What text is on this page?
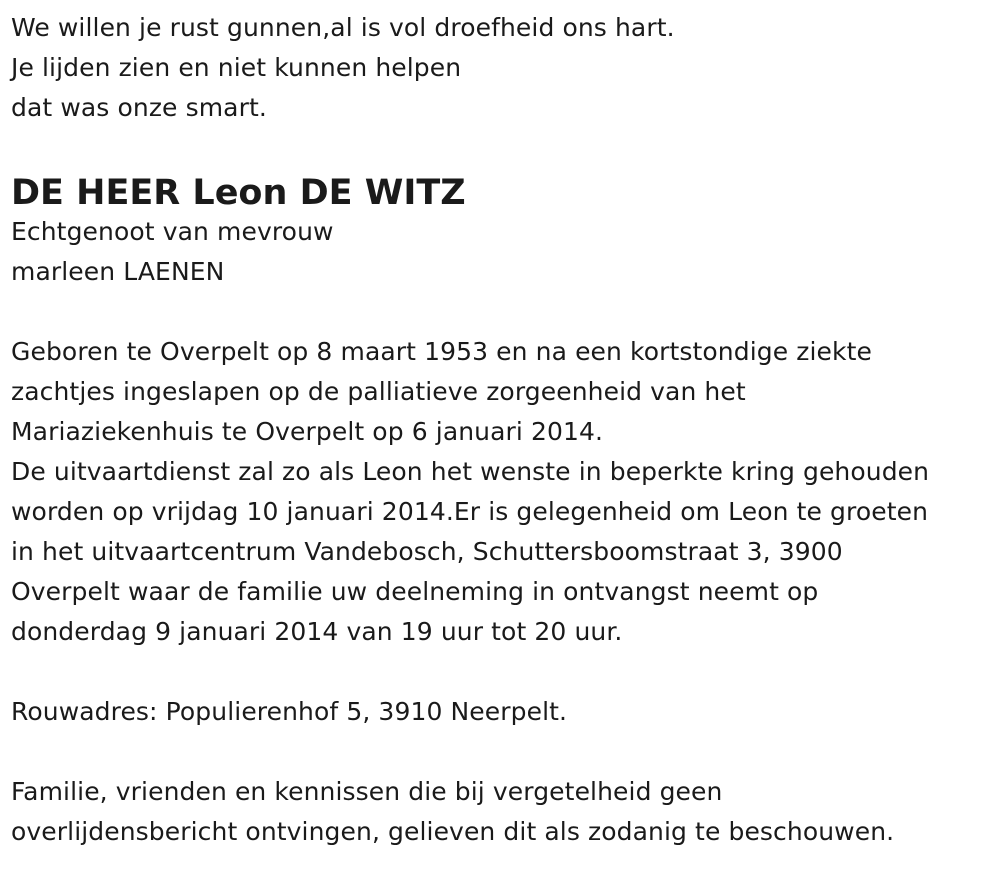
We willen je rust gunnen,al is vol droefheid ons hart.
Je lijden zien en niet kunnen helpen
dat was onze smart.
DE HEER Leon DE WITZ
Echtgenoot van mevrouw
marleen LAENEN
Geboren te Overpelt op 8 maart 1953 en na een kortstondige ziekte
zachtjes ingeslapen op de palliatieve zorgeenheid van het
Mariaziekenhuis te Overpelt op 6 januari 2014.
De uitvaartdienst zal zo als Leon het wenste in beperkte kring gehouden
worden op vrijdag 10 januari 2014.Er is gelegenheid om Leon te groeten
in het uitvaartcentrum Vandebosch, Schuttersboomstraat 3, 3900
Overpelt waar de familie uw deelneming in ontvangst neemt op
donderdag 9 januari 2014 van 19 uur tot 20 uur.
Rouwadres: Populierenhof 5, 3910 Neerpelt.
Familie, vrienden en kennissen die bij vergetelheid geen
overlijdensbericht ontvingen, gelieven dit als zodanig te beschouwen.
